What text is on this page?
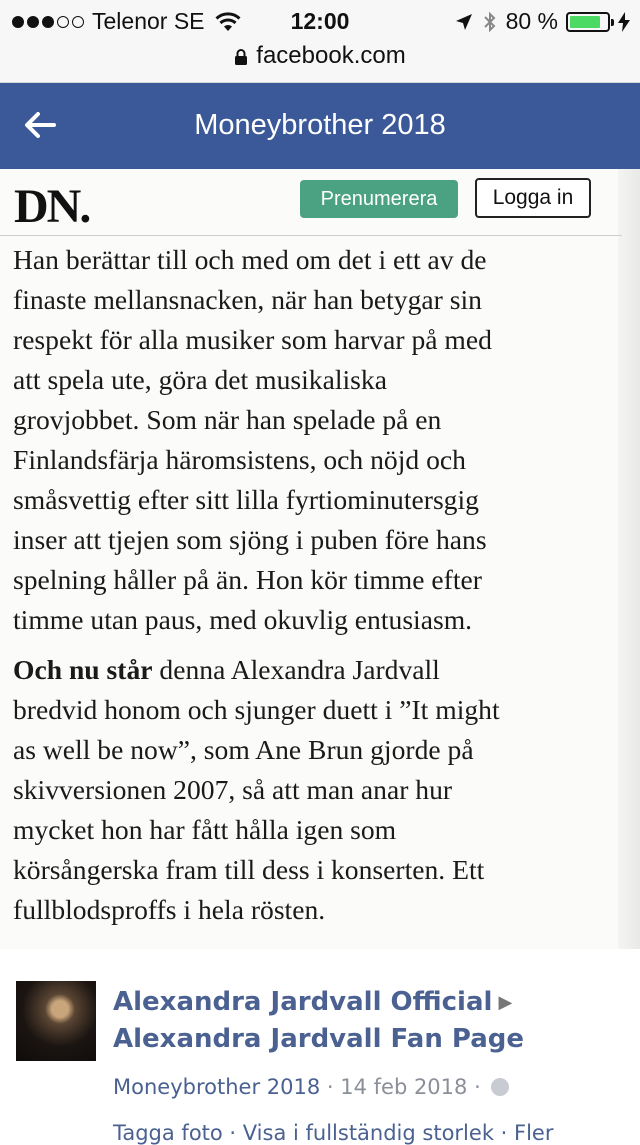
Telenor SE	12:00	80 %
facebook.com
Moneybrother 2018
DN.	Prenumerera	Logga in

Han berättar till och med om det i ett av de
finaste mellansnacken, när han betygar sin
respekt för alla musiker som harvar på med
att spela ute, göra det musikaliska
grovjobbet. Som när han spelade på en
Finlandsfärja häromsistens, och nöjd och
småsvettig efter sitt lilla fyrtiominutersgig
inser att tjejen som sjöng i puben före hans
spelning håller på än. Hon kör timme efter
timme utan paus, med okuvlig entusiasm.

Och nu står denna Alexandra Jardvall
bredvid honom och sjunger duett i ”It might
as well be now”, som Ane Brun gjorde på
skivversionen 2007, så att man anar hur
mycket hon har fått hålla igen som
körsångerska fram till dess i konserten. Ett
fullblodsproffs i hela rösten.

Alexandra Jardvall Official ▶
Alexandra Jardvall Fan Page
Moneybrother 2018 · 14 feb 2018 ·
Tagga foto · Visa i fullständig storlek · Fler
